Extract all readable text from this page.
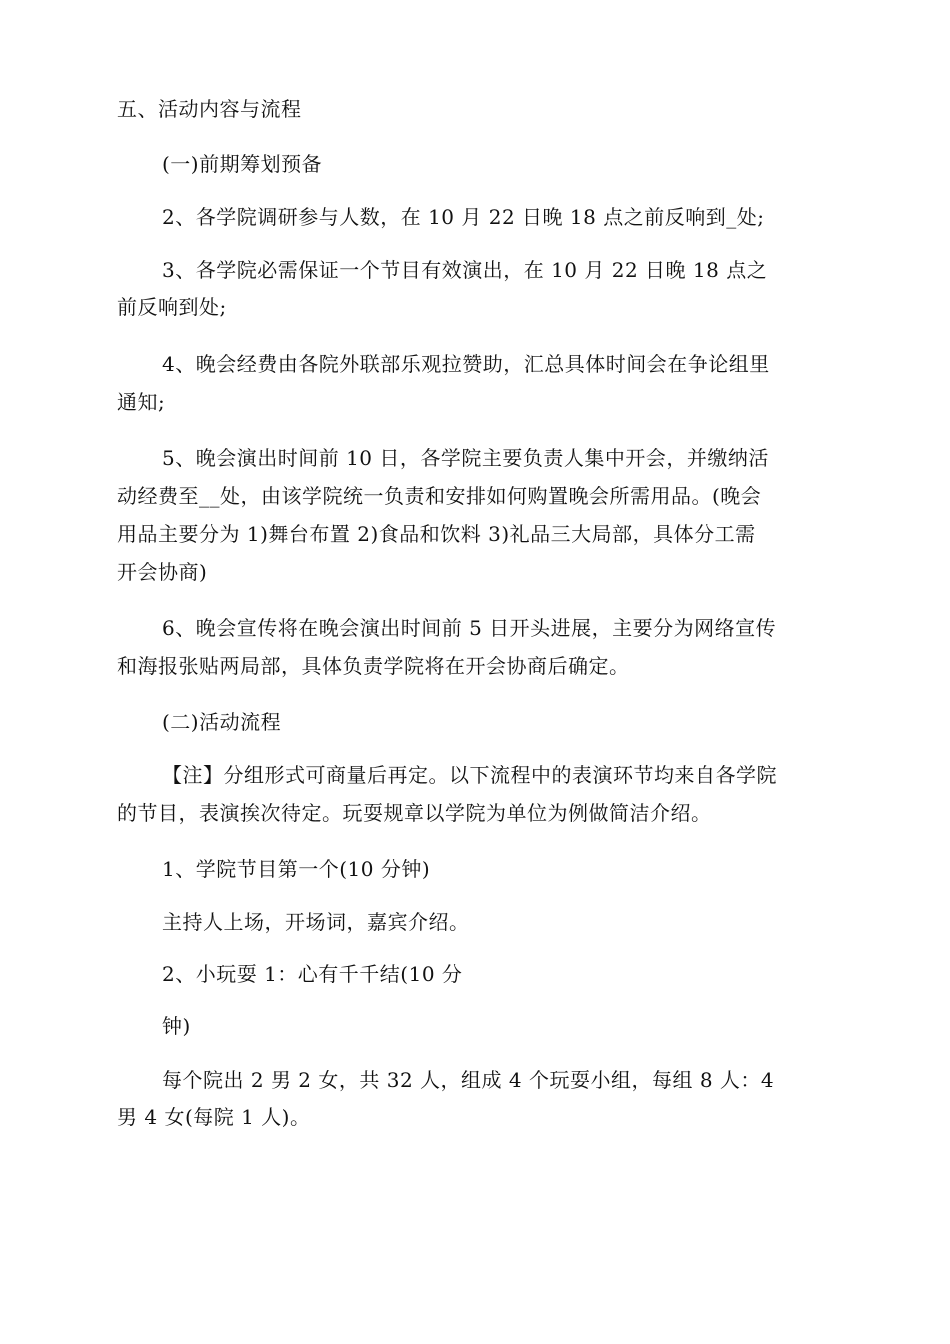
五、活动内容与流程
(一)前期筹划预备
2、各学院调研参与人数，在 10 月 22 日晚 18 点之前反响到_处;
3、各学院必需保证一个节目有效演出，在 10 月 22 日晚 18 点之
前反响到处;
4、晚会经费由各院外联部乐观拉赞助，汇总具体时间会在争论组里
通知;
5、晚会演出时间前 10 日，各学院主要负责人集中开会，并缴纳活
动经费至__处，由该学院统一负责和安排如何购置晚会所需用品。(晚会
用品主要分为 1)舞台布置 2)食品和饮料 3)礼品三大局部，具体分工需
开会协商)
6、晚会宣传将在晚会演出时间前 5 日开头进展，主要分为网络宣传
和海报张贴两局部，具体负责学院将在开会协商后确定。
(二)活动流程
【注】分组形式可商量后再定。以下流程中的表演环节均来自各学院
的节目，表演挨次待定。玩耍规章以学院为单位为例做简洁介绍。
1、学院节目第一个(10 分钟)
主持人上场，开场词，嘉宾介绍。
2、小玩耍 1：心有千千结(10 分
钟)
每个院出 2 男 2 女，共 32 人，组成 4 个玩耍小组，每组 8 人：4
男 4 女(每院 1 人)。
